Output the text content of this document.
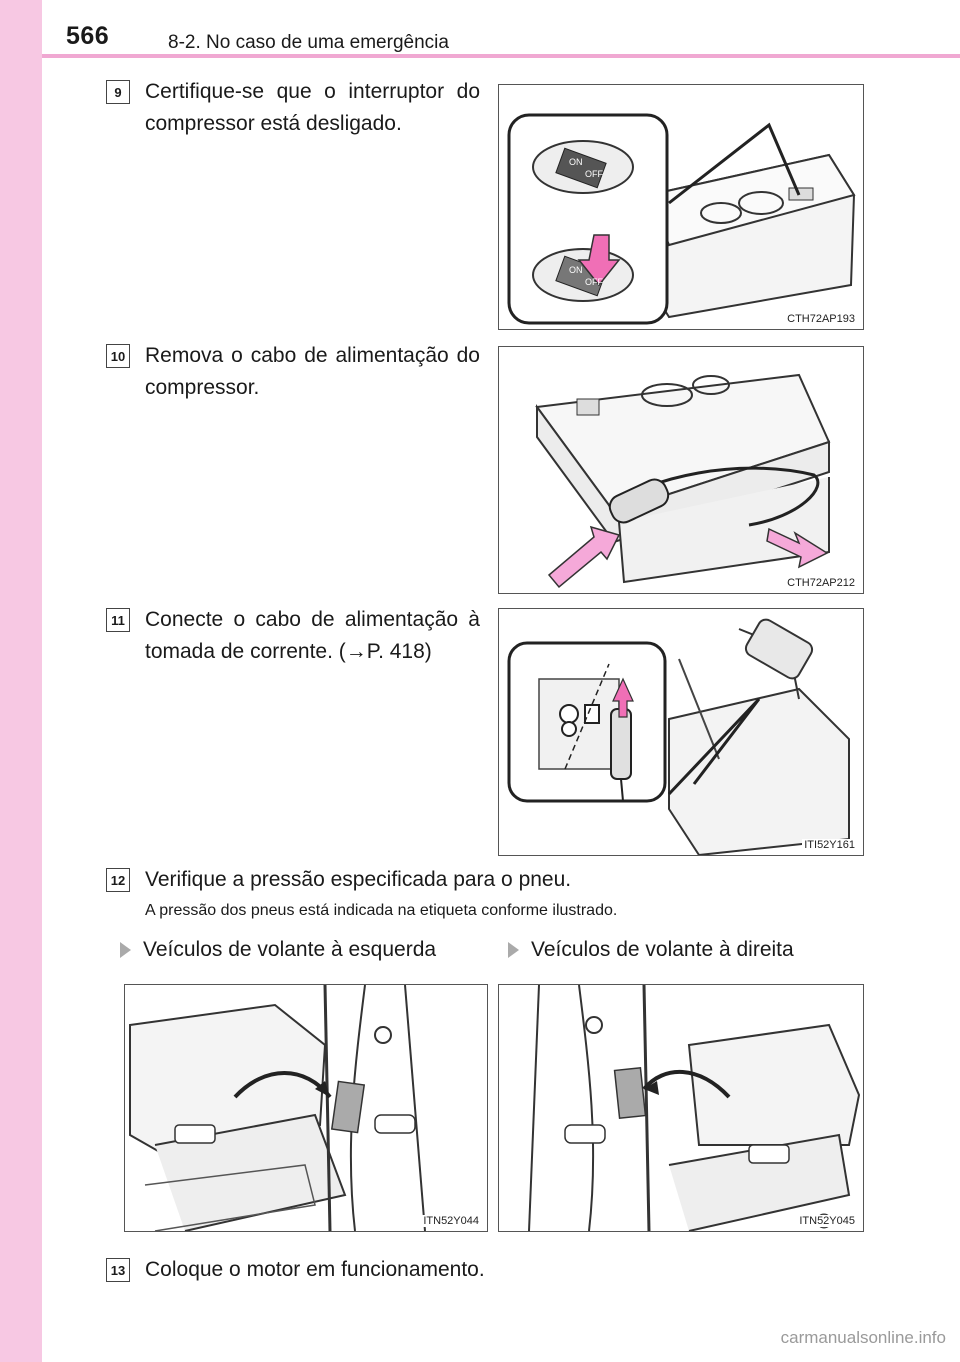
566	8-2. No caso de uma emergência
9	Certifique-se que o interruptor do compressor está desligado.
ON
OFF
ON
OFF
CTH72AP193
10 Remova o cabo de alimentação do compressor.
CTH72AP212
11 Conecte o cabo de alimentação à tomada de corrente. (→P. 418)
ITI52Y161
12 Verifique a pressão especificada para o pneu.
A pressão dos pneus está indicada na etiqueta conforme ilustrado.
Veículos de volante à esquerda	Veículos de volante à direita
ITN52Y044	ITN52Y045
13 Coloque o motor em funcionamento.
carmanualsonline.info
